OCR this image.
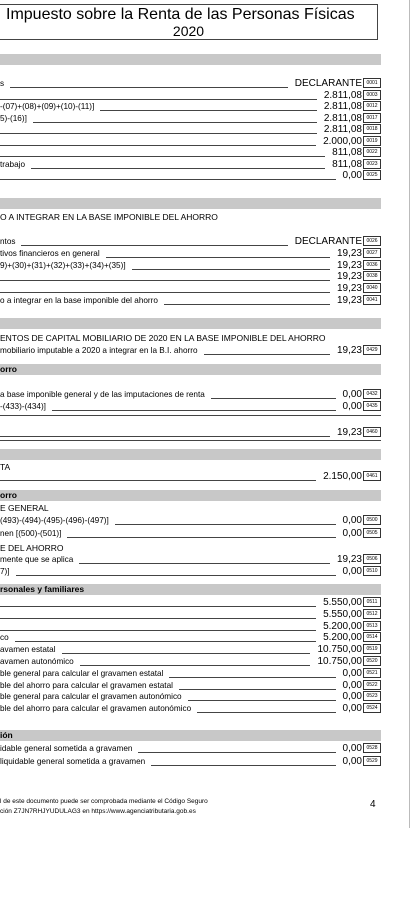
Impuesto sobre la Renta de las Personas Físicas
2020
s	DECLARANTE 0001
2.811,08 0003
-(07)+(08)+(09)+(10)-(11)]	2.811,08 0012
5)-(16)]	2.811,08 0017
2.811,08 0018
2.000,00 0019
811,08 0022
trabajo	811,08 0023
0,00 0025
O A INTEGRAR EN LA BASE IMPONIBLE DEL AHORRO
ntos	DECLARANTE 0026
tivos financieros en general	19,23 0027
9)+(30)+(31)+(32)+(33)+(34)+(35)]	19,23 0036
19,23 0038
19,23 0040
o a integrar en la base imponible del ahorro	19,23 0041
ENTOS DE CAPITAL MOBILIARIO DE 2020 EN LA BASE IMPONIBLE DEL AHORRO
mobiliario imputable a 2020 a integrar en la B.I. ahorro	19,23 0429
orro
a base imponible general y de las imputaciones de renta	0,00 0432
-(433)-(434)]	0,00 0435
19,23 0460
TA
2.150,00 0461
orro
E GENERAL
(493)-(494)-(495)-(496)-(497)]	0,00 0500
nen [(500)-(501)]	0,00 0505
E DEL AHORRO
mente que se aplica	19,23 0506
7)]	0,00 0510
rsonales y familiares
5.550,00 0511
5.550,00 0512
5.200,00 0513
co	5.200,00 0514
avamen estatal	10.750,00 0519
avamen autonómico	10.750,00 0520
ble general para calcular el gravamen estatal	0,00 0521
ble del ahorro para calcular el gravamen estatal	0,00 0522
ble general para calcular el gravamen autonómico	0,00 0523
ble del ahorro para calcular el gravamen autonómico	0,00 0524
ión
idable general sometida a gravamen	0,00 0528
liquidable general sometida a gravamen	0,00 0529
l de este documento puede ser comprobada mediante el Código Seguro
ción Z7JN7RHJYUDULAG3 en https://www.agenciatributaria.gob.es
4
